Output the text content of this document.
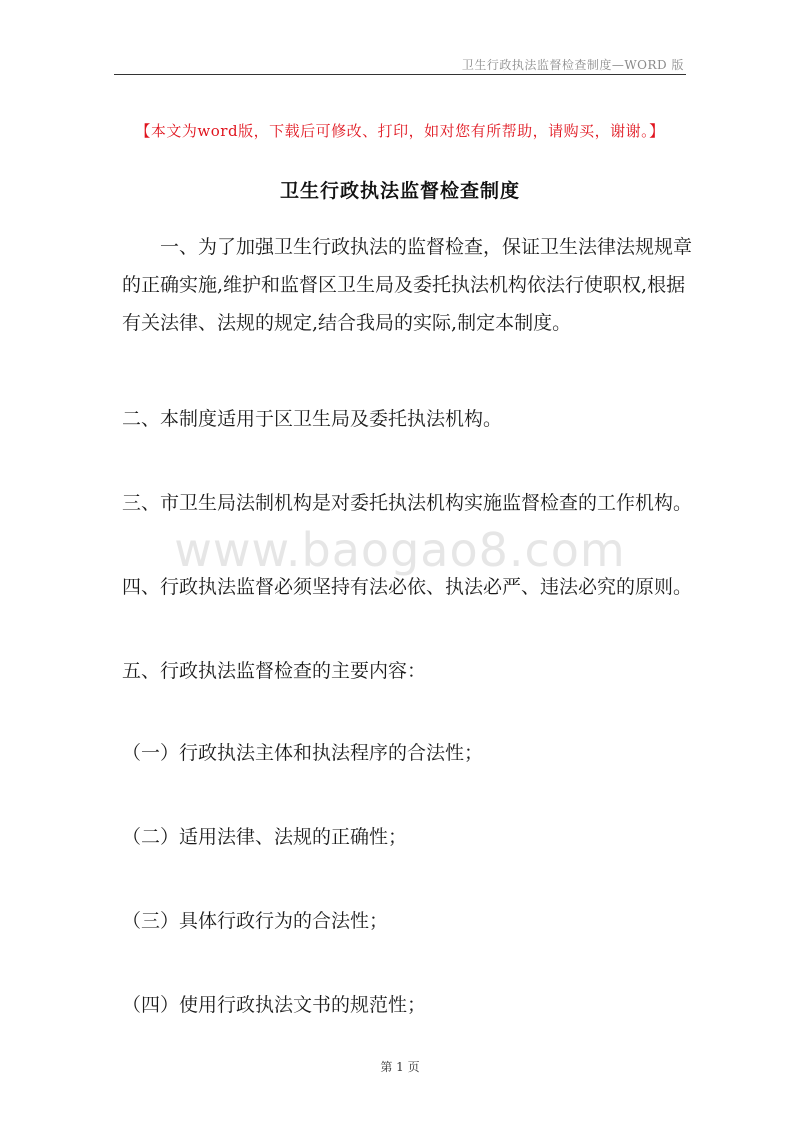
卫生行政执法监督检查制度—WORD 版
【本文为word版，下载后可修改、打印，如对您有所帮助，请购买，谢谢。】
卫生行政执法监督检查制度
一、为了加强卫生行政执法的监督检查，保证卫生法律法规规章
的正确实施,维护和监督区卫生局及委托执法机构依法行使职权,根据
有关法律、法规的规定,结合我局的实际,制定本制度。
二、本制度适用于区卫生局及委托执法机构。
三、市卫生局法制机构是对委托执法机构实施监督检查的工作机构。
www.baogao8.com
四、行政执法监督必须坚持有法必依、执法必严、违法必究的原则。
五、行政执法监督检查的主要内容：
（一）行政执法主体和执法程序的合法性；
（二）适用法律、法规的正确性；
（三）具体行政行为的合法性；
（四）使用行政执法文书的规范性；
第 1 页
